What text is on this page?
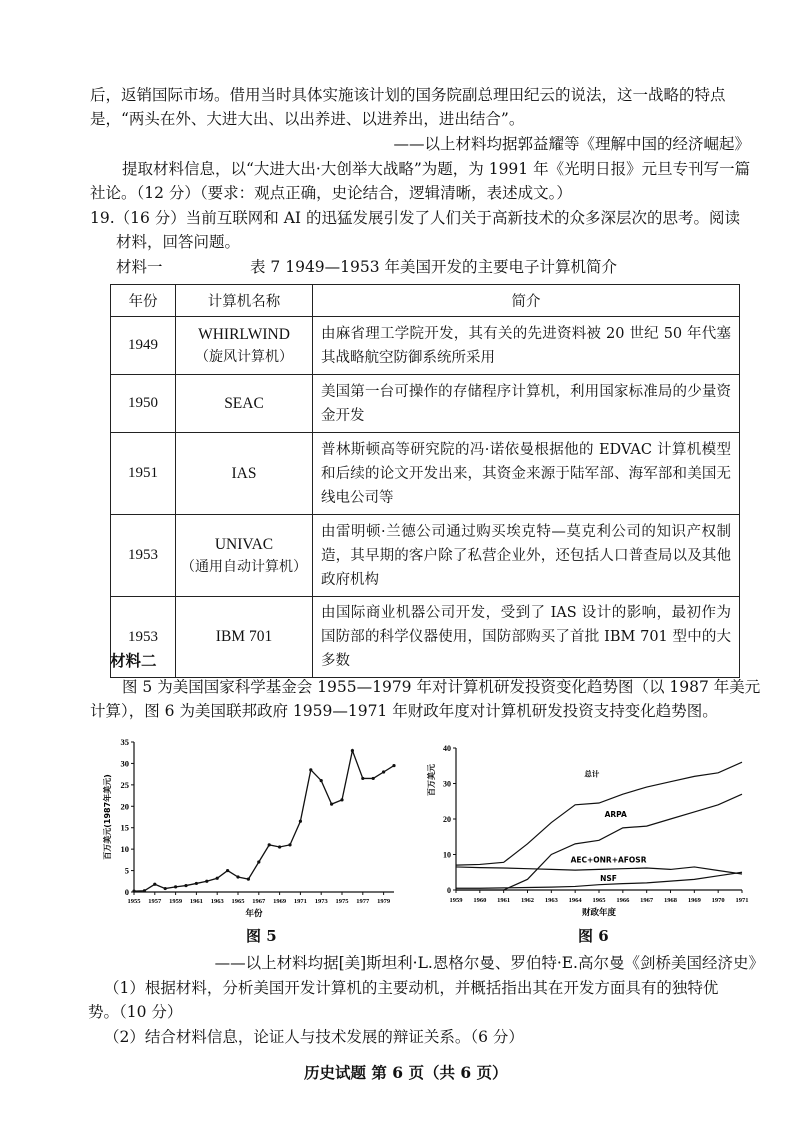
后，返销国际市场。借用当时具体实施该计划的国务院副总理田纪云的说法，这一战略的特点
是，“两头在外、大进大出、以出养进、以进养出，进出结合”。
——以上材料均据郭益耀等《理解中国的经济崛起》
提取材料信息，以“大进大出·大创举大战略”为题，为 1991 年《光明日报》元旦专刊写一篇
社论。（12 分）（要求：观点正确，史论结合，逻辑清晰，表述成文。）
19.（16 分）当前互联网和 AI 的迅猛发展引发了人们关于高新技术的众多深层次的思考。阅读
材料，回答问题。
材料一	表 7 1949—1953 年美国开发的主要电子计算机简介
年份	计算机名称	简介
1949	WHIRLWIND
（旋风计算机）	由麻省理工学院开发，其有关的先进资料被 20 世纪 50 年代塞其战略航空防御系统所采用
1950	SEAC	美国第一台可操作的存储程序计算机，利用国家标准局的少量资金开发
1951	IAS	普林斯顿高等研究院的冯·诺依曼根据他的 EDVAC 计算机模型和后续的论文开发出来，其资金来源于陆军部、海军部和美国无线电公司等
1953	UNIVAC
（通用自动计算机）	由雷明顿·兰德公司通过购买埃克特—莫克利公司的知识产权制造，其早期的客户除了私营企业外，还包括人口普查局以及其他政府机构
1953	IBM 701	由国际商业机器公司开发，受到了 IAS 设计的影响，最初作为国防部的科学仪器使用，国防部购买了首批 IBM 701 型中的大多数
材料二
图 5 为美国国家科学基金会 1955—1979 年对计算机研发投资变化趋势图（以 1987 年美元
计算），图 6 为美国联邦政府 1959—1971 年财政年度对计算机研发投资支持变化趋势图。
0
5
10
15
20
25
30
35
1955 1957 1959 1961 1963 1965 1967 1969 1971 1973 1975 1977 1979
年份
百万美元(1987年美元)
图 5
0
10
20
30
40
1959 1960 1961 1962 1963 1964 1965 1966 1967 1968 1969 1970 1971
总计
ARPA
AEC+ONR+AFOSR
NSF
财政年度
百万美元
图 6
——以上材料均据[美]斯坦利·L.恩格尔曼、罗伯特·E.高尔曼《剑桥美国经济史》
（1）根据材料，分析美国开发计算机的主要动机，并概括指出其在开发方面具有的独特优
势。（10 分）
（2）结合材料信息，论证人与技术发展的辩证关系。（6 分）
历史试题 第 6 页（共 6 页）
